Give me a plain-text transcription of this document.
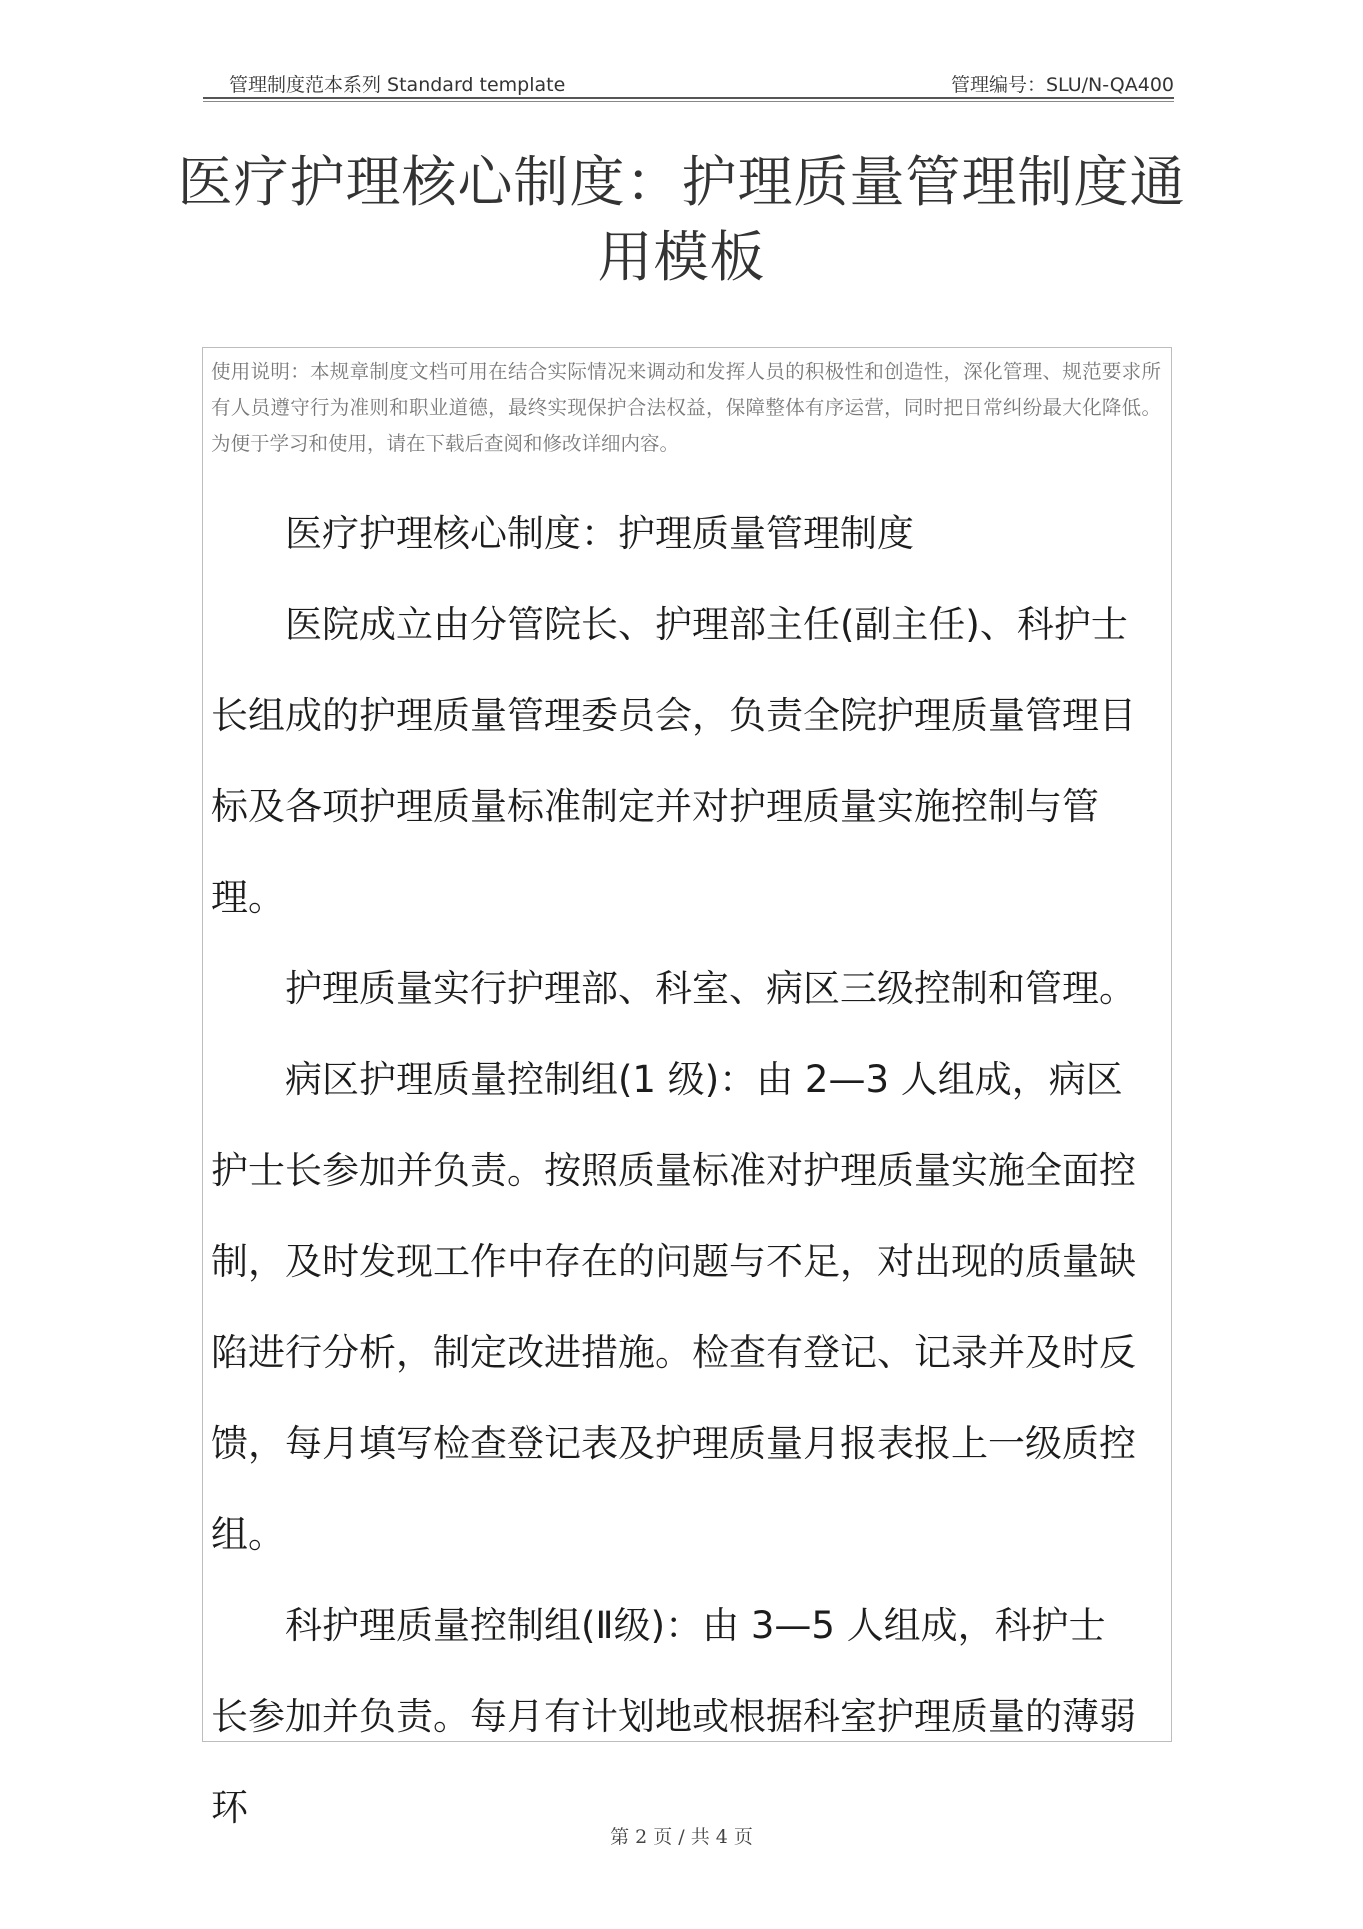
管理制度范本系列 Standard template	管理编号：SLU/N-QA400
医疗护理核心制度：护理质量管理制度通用模板
使用说明：本规章制度文档可用在结合实际情况来调动和发挥人员的积极性和创造性，深化管理、规范要求所有人员遵守行为准则和职业道德，最终实现保护合法权益，保障整体有序运营，同时把日常纠纷最大化降低。为便于学习和使用，请在下载后查阅和修改详细内容。

医疗护理核心制度：护理质量管理制度

医院成立由分管院长、护理部主任(副主任)、科护士长组成的护理质量管理委员会，负责全院护理质量管理目标及各项护理质量标准制定并对护理质量实施控制与管理。

护理质量实行护理部、科室、病区三级控制和管理。

病区护理质量控制组(1 级)：由 2—3 人组成，病区护士长参加并负责。按照质量标准对护理质量实施全面控制，及时发现工作中存在的问题与不足，对出现的质量缺陷进行分析，制定改进措施。检查有登记、记录并及时反馈，每月填写检查登记表及护理质量月报表报上一级质控组。

科护理质量控制组(Ⅱ级)：由 3—5 人组成，科护士长参加并负责。每月有计划地或根据科室护理质量的薄弱环

第 2 页 / 共 4 页
